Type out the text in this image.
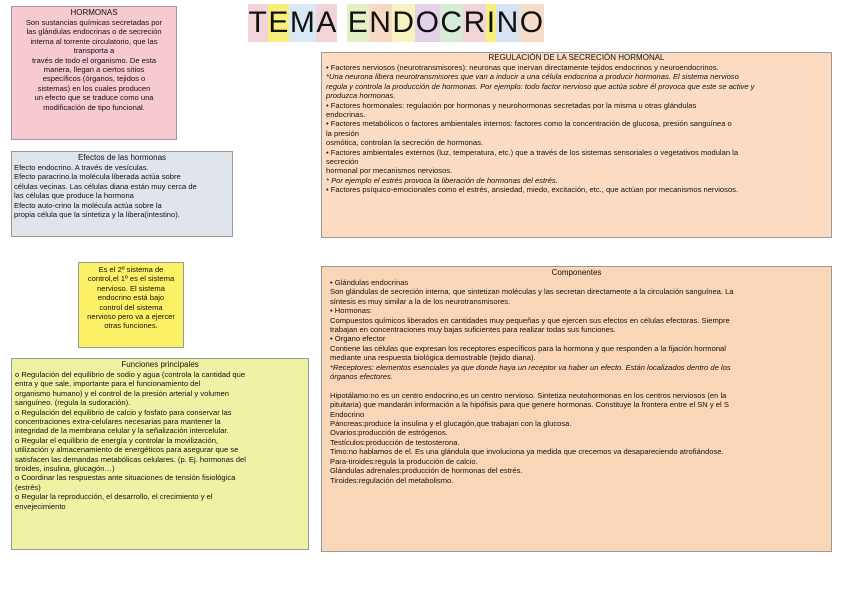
TEMA ENDOCRINO
HORMONAS
Son sustancias químicas secretadas por
las glándulas endocrinas o de secreción
interna al torrente circulatorio, que las
transporta a
través de todo el organismo. De esta
manera, llegan a ciertos sitios
específicos (órganos, tejidos o
sistemas) en los cuales producen
un efecto que se traduce como una
modificación de tipo funcional.
Efectos de las hormonas
Efecto endocrino. A través de vesículas.
Efecto paracrino.la molécula liberada actúa sobre
células vecinas. Las células diana están muy cerca de
las células que produce la hormona
Efecto auto-crino la molécula actúa sobre la
propia célula que la sintetiza y la libera(intestino).
Es el 2º sistema de
control,el 1º es el sistema
nervioso. El sistema
endocrino está bajo
control del sistema
nervioso pero va a ejercer
otras funciones.
Funciones principales
o Regulación del equilibrio de sodio y agua (controla la cantidad que
entra y que sale, importante para el funcionamiento del
organismo humano) y el control de la presión arterial y volumen
sanguíneo. (regula la sudoración).
o Regulación del equilibrio de calcio y fosfato para conservar las
concentraciones extra-celulares necesarias para mantener la
integridad de la membrana celular y la señalización intercelular.
o Regular el equilibrio de energía y controlar la movilización,
utilización y almacenamiento de energéticos para asegurar que se
satisfacen las demandas metabólicas celulares. (p. Ej. hormonas del
tiroides, insulina, glucagón…)
o Coordinar las respuestas ante situaciones de tensión fisiológica
(estrés)
o Regular la reproducción, el desarrollo, el crecimiento y el
envejecimiento
REGULACIÓN DE LA SECRECIÓN HORMONAL
• Factores nerviosos (neurotransmisores): neuronas que inervan directamente tejidos endocrinos y neuroendocrinos.
*Una neurona libera neurotransmisores que van a inducir a una célula endocrina a producir hormonas. El sistema nervioso
regula y controla la producción de hormonas. Por ejemplo: todo factor nervioso que actúa sobre él provoca que este se active y
produzca hormonas.
• Factores hormonales: regulación por hormonas y neurohormonas secretadas por la misma u otras glándulas
endocrinas.
• Factores metabólicos o factores ambientales internos: factores como la concentración de glucosa, presión sanguínea o
la presión
osmótica, controlan la secreción de hormonas.
• Factores ambientales externos (luz, temperatura, etc.) que a través de los sistemas sensoriales o vegetativos modulan la
secreción
hormonal por mecanismos nerviosos.
* Por ejemplo el estrés provoca la liberación de hormonas del estrés.
• Factores psíquico-emocionales como el estrés, ansiedad, miedo, excitación, etc., que actúan por mecanismos nerviosos.
Componentes
• Glándulas endocrinas
Son glándulas de secreción interna, que sintetizan moléculas y las secretan directamente a la circulación sanguínea. La
síntesis es muy similar a la de los neurotransmisores.
• Hormonas:
Compuestos químicos liberados en cantidades muy pequeñas y que ejercen sus efectos en células efectoras. Siempre
trabajan en concentraciones muy bajas suficientes para realizar todas sus funciones.
• Órgano efector
Contiene las células que expresan los receptores específicos para la hormona y que responden a la fijación hormonal
mediante una respuesta biológica demostrable (tejido diana).
*Receptores: elementos esenciales ya que donde haya un receptor va haber un efecto. Están localizados dentro de los
órganos efectores.
Hipotálamo:no es un centro endocrino,es un centro nervioso. Sintetiza neutohormonas en los centros nerviosos (en la
pituitaria) que mandarán información a la hipófisis para que genere hormonas. Constituye la frontera entre el SN y el S
Endocrino
Páncreas:produce la insulina y el glucagón,que trabajan con la glucosa.
Ovarios:producción de estrógenos.
Testículos:producción de testosterona.
Timo:no hablamos de el. Es una glándula que involuciona ya medida que crecemos va desapareciendo atrofiándose.
Para-tiroides:regula la producción de calcio.
Glándulas adrenales:producción de hormonas del estrés.
Tiroides:regulación del metabolismo.
